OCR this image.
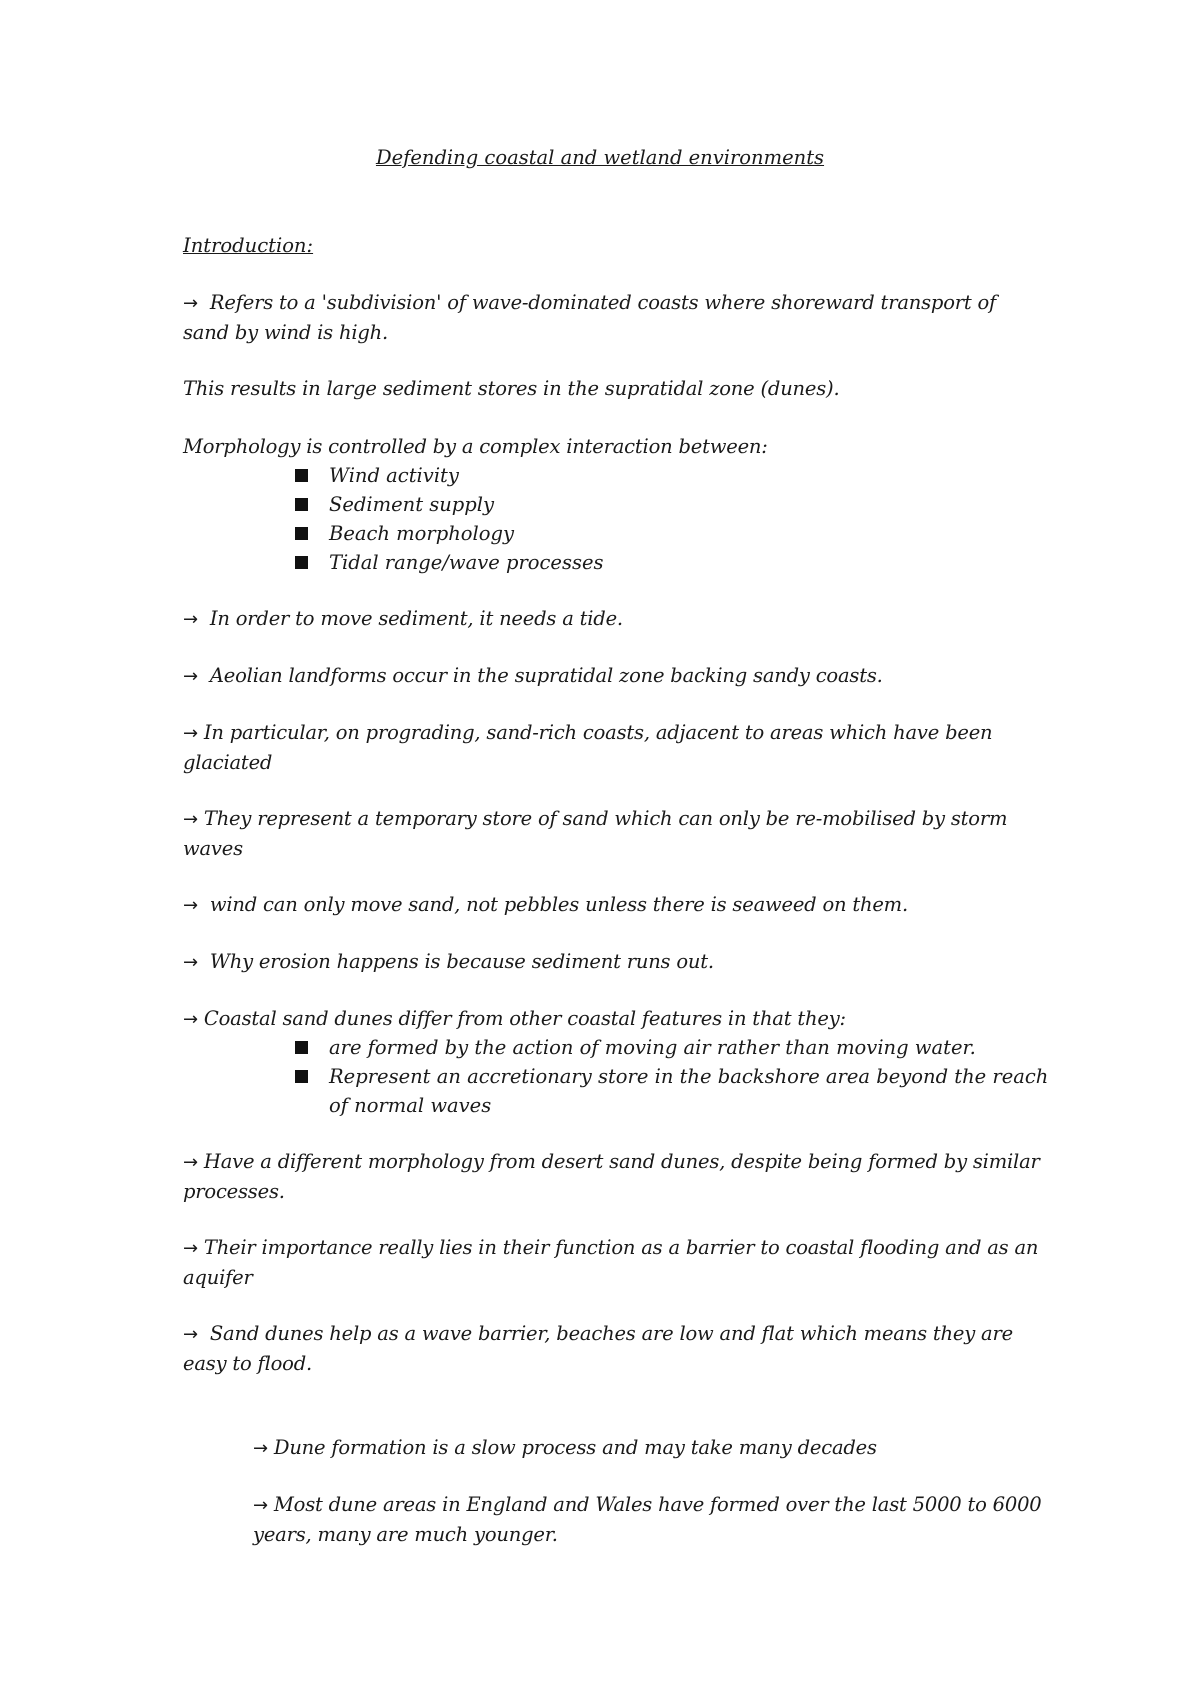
Defending coastal and wetland environments
Introduction:
→ Refers to a 'subdivision' of wave-dominated coasts where shoreward transport of sand by wind is high.
This results in large sediment stores in the supratidal zone (dunes).
Morphology is controlled by a complex interaction between:
Wind activity
Sediment supply
Beach morphology
Tidal range/wave processes
→ In order to move sediment, it needs a tide.
→ Aeolian landforms occur in the supratidal zone backing sandy coasts.
→ In particular, on prograding, sand-rich coasts, adjacent to areas which have been glaciated
→ They represent a temporary store of sand which can only be re-mobilised by storm waves
→ wind can only move sand, not pebbles unless there is seaweed on them.
→ Why erosion happens is because sediment runs out.
→ Coastal sand dunes differ from other coastal features in that they:
are formed by the action of moving air rather than moving water.
Represent an accretionary store in the backshore area beyond the reach of normal waves
→ Have a different morphology from desert sand dunes, despite being formed by similar processes.
→ Their importance really lies in their function as a barrier to coastal flooding and as an aquifer
→ Sand dunes help as a wave barrier, beaches are low and flat which means they are easy to flood.
→ Dune formation is a slow process and may take many decades
→ Most dune areas in England and Wales have formed over the last 5000 to 6000 years, many are much younger.
